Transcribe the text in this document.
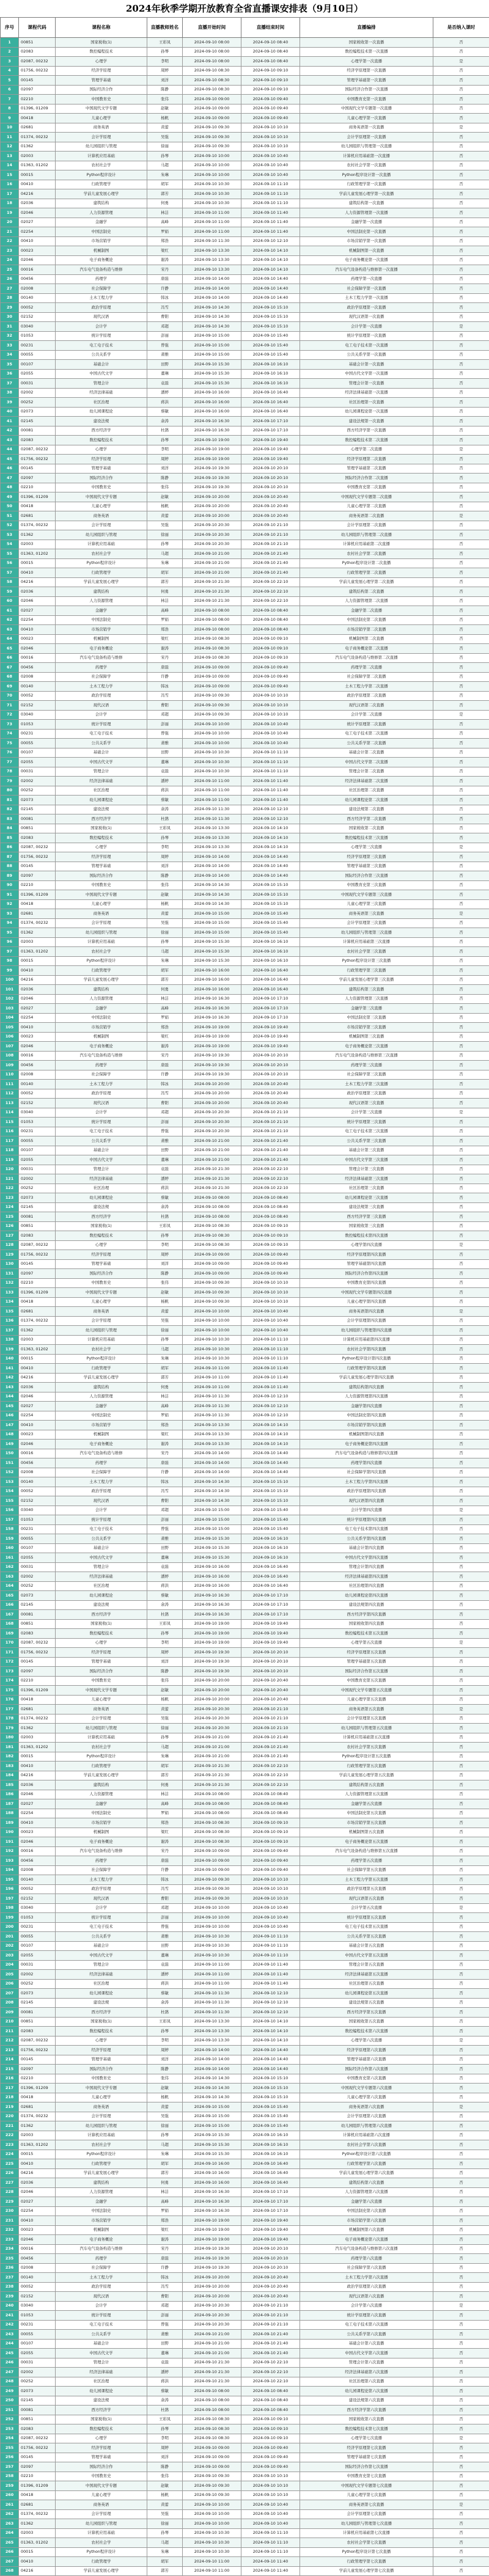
2024年秋季学期开放教育全省直播课安排表（9月10日）
序号	课程代码	课程名称	直播教师姓名	直播开始时间	直播结束时间	直播编排	是否纳入课时
1	00851	国家税收(1)	王彩凤	2024-09-10 08:00	2024-09-10 08:40	国家税收第一次直播	否
2	02083	数控编程技术	孙琴	2024-09-10 08:00	2024-09-10 08:40	数控编程技术第一次直播	否
3	02087, 00232	心理学	李明	2024-09-10 08:00	2024-09-10 08:40	心理学第一次直播	是
4	01756, 00232	经济学原理	周婷	2024-09-10 08:30	2024-09-10 09:10	经济学原理第一次直播	否
5	00145	管理学基础	刘洋	2024-09-10 08:30	2024-09-10 09:10	管理学基础第一次直播	否
6	02097	国际经济合作	陈静	2024-09-10 08:30	2024-09-10 09:10	国际经济合作第一次直播	否
7	02210	中国教育史	张伟	2024-09-10 09:00	2024-09-10 09:40	中国教育史第一次直播	否
8	01396, 01209	中国现代文学专题	赵敏	2024-09-10 09:00	2024-09-10 09:40	中国现代文学专题第一次直播	否
9	00418	儿童心理学	杨帆	2024-09-10 09:00	2024-09-10 09:40	儿童心理学第一次直播	否
10	02681	商务英语	黄蕾	2024-09-10 09:30	2024-09-10 10:10	商务英语第一次直播	是
11	01374, 00232	会计学原理	吴强	2024-09-10 09:30	2024-09-10 10:10	会计学原理第一次直播	否
12	01362	幼儿园组织与管理	徐丽	2024-09-10 09:30	2024-09-10 10:10	幼儿园组织与管理第一次直播	否
13	02003	计算机应用基础	孙琴	2024-09-10 10:00	2024-09-10 10:40	计算机应用基础第一次直播	否
14	01363, 01202	农村社会学	马超	2024-09-10 10:00	2024-09-10 10:40	农村社会学第一次直播	否
15	00015	Python程序设计	朱琳	2024-09-10 10:00	2024-09-10 10:40	Python程序设计第一次直播	否
16	00410	行政管理学	胡军	2024-09-10 10:30	2024-09-10 11:10	行政管理学第一次直播	否
17	04216	学前儿童发展心理学	郭芳	2024-09-10 10:30	2024-09-10 11:10	学前儿童发展心理学第一次直播	否
18	02036	建筑结构	何勇	2024-09-10 10:30	2024-09-10 11:10	建筑结构第一次直播	否
19	02046	人力资源管理	林洁	2024-09-10 11:00	2024-09-10 11:40	人力资源管理第一次直播	否
20	02027	金融学	高峰	2024-09-10 11:00	2024-09-10 11:40	金融学第一次直播	否
21	02254	中国法制史	罗娟	2024-09-10 11:00	2024-09-10 11:40	中国法制史第一次直播	否
22	00410	市场营销学	郑浩	2024-09-10 11:30	2024-09-10 12:10	市场营销学第一次直播	否
23	00023	机械制图	梁红	2024-09-10 13:30	2024-09-10 14:10	机械制图第一次直播	否
24	02046	电子商务概论	谢涛	2024-09-10 13:30	2024-09-10 14:10	电子商务概论第一次直播	否
25	00016	汽车电气设备构造与维修	宋丹	2024-09-10 13:30	2024-09-10 14:10	汽车电气设备构造与维修第一次直播	否
26	00456	药理学	唐磊	2024-09-10 14:00	2024-09-10 14:40	药理学第一次直播	否
27	02008	社会保障学	许静	2024-09-10 14:00	2024-09-10 14:40	社会保障学第一次直播	否
28	00140	土木工程力学	韩冰	2024-09-10 14:00	2024-09-10 14:40	土木工程力学第一次直播	否
29	00052	政治学原理	冯雪	2024-09-10 14:30	2024-09-10 15:10	政治学原理第一次直播	否
30	02152	现代汉语	曹阳	2024-09-10 14:30	2024-09-10 15:10	现代汉语第一次直播	否
31	03040	会计学	邓超	2024-09-10 14:30	2024-09-10 15:10	会计学第一次直播	是
32	01053	统计学原理	彭丽	2024-09-10 15:00	2024-09-10 15:40	统计学原理第一次直播	否
33	00231	电工电子技术	曾强	2024-09-10 15:00	2024-09-10 15:40	电工电子技术第一次直播	否
34	00055	公共关系学	萧雅	2024-09-10 15:00	2024-09-10 15:40	公共关系学第一次直播	否
35	00107	基础会计	田野	2024-09-10 15:30	2024-09-10 16:10	基础会计第一次直播	否
36	02055	中国古代文学	董琳	2024-09-10 15:30	2024-09-10 16:10	中国古代文学第一次直播	否
37	00031	管理会计	袁磊	2024-09-10 15:30	2024-09-10 16:10	管理会计第一次直播	否
38	02002	经济法律基础	潘婷	2024-09-10 16:00	2024-09-10 16:40	经济法律基础第一次直播	否
39	00252	社区治理	蒋洪	2024-09-10 16:00	2024-09-10 16:40	社区治理第一次直播	否
40	02073	幼儿园课程论	蔡敏	2024-09-10 16:00	2024-09-10 16:40	幼儿园课程论第一次直播	否
41	02145	建设法规	余涛	2024-09-10 16:30	2024-09-10 17:10	建设法规第一次直播	否
42	00081	西方经济学	杜鹃	2024-09-10 16:30	2024-09-10 17:10	西方经济学第一次直播	否
43	02083	数控编程技术	孙琴	2024-09-10 19:00	2024-09-10 19:40	数控编程技术第二次直播	否
44	02087, 00232	心理学	李明	2024-09-10 19:00	2024-09-10 19:40	心理学第二次直播	是
45	01756, 00232	经济学原理	周婷	2024-09-10 19:00	2024-09-10 19:40	经济学原理第二次直播	否
46	00145	管理学基础	刘洋	2024-09-10 19:30	2024-09-10 20:10	管理学基础第二次直播	否
47	02097	国际经济合作	陈静	2024-09-10 19:30	2024-09-10 20:10	国际经济合作第二次直播	否
48	02210	中国教育史	张伟	2024-09-10 19:30	2024-09-10 20:10	中国教育史第二次直播	否
49	01396, 01209	中国现代文学专题	赵敏	2024-09-10 20:00	2024-09-10 20:40	中国现代文学专题第二次直播	否
50	00418	儿童心理学	杨帆	2024-09-10 20:00	2024-09-10 20:40	儿童心理学第二次直播	否
51	02681	商务英语	黄蕾	2024-09-10 20:00	2024-09-10 20:40	商务英语第二次直播	是
52	01374, 00232	会计学原理	吴强	2024-09-10 20:30	2024-09-10 21:10	会计学原理第二次直播	否
53	01362	幼儿园组织与管理	徐丽	2024-09-10 20:30	2024-09-10 21:10	幼儿园组织与管理第二次直播	否
54	02003	计算机应用基础	孙琴	2024-09-10 20:30	2024-09-10 21:10	计算机应用基础第二次直播	否
55	01363, 01202	农村社会学	马超	2024-09-10 21:00	2024-09-10 21:40	农村社会学第二次直播	否
56	00015	Python程序设计	朱琳	2024-09-10 21:00	2024-09-10 21:40	Python程序设计第二次直播	否
57	00410	行政管理学	胡军	2024-09-10 21:00	2024-09-10 21:40	行政管理学第二次直播	否
58	04216	学前儿童发展心理学	郭芳	2024-09-10 21:30	2024-09-10 22:10	学前儿童发展心理学第二次直播	否
59	02036	建筑结构	何勇	2024-09-10 21:30	2024-09-10 22:10	建筑结构第二次直播	否
60	02046	人力资源管理	林洁	2024-09-10 21:30	2024-09-10 22:10	人力资源管理第二次直播	否
61	02027	金融学	高峰	2024-09-10 08:00	2024-09-10 08:40	金融学第二次直播	否
62	02254	中国法制史	罗娟	2024-09-10 08:00	2024-09-10 08:40	中国法制史第二次直播	否
63	00410	市场营销学	郑浩	2024-09-10 08:00	2024-09-10 08:40	市场营销学第二次直播	否
64	00023	机械制图	梁红	2024-09-10 08:30	2024-09-10 09:10	机械制图第二次直播	否
65	02046	电子商务概论	谢涛	2024-09-10 08:30	2024-09-10 09:10	电子商务概论第二次直播	否
66	00016	汽车电气设备构造与维修	宋丹	2024-09-10 08:30	2024-09-10 09:10	汽车电气设备构造与维修第二次直播	否
67	00456	药理学	唐磊	2024-09-10 09:00	2024-09-10 09:40	药理学第二次直播	否
68	02008	社会保障学	许静	2024-09-10 09:00	2024-09-10 09:40	社会保障学第二次直播	否
69	00140	土木工程力学	韩冰	2024-09-10 09:00	2024-09-10 09:40	土木工程力学第二次直播	否
70	00052	政治学原理	冯雪	2024-09-10 09:30	2024-09-10 10:10	政治学原理第二次直播	否
71	02152	现代汉语	曹阳	2024-09-10 09:30	2024-09-10 10:10	现代汉语第二次直播	否
72	03040	会计学	邓超	2024-09-10 09:30	2024-09-10 10:10	会计学第二次直播	是
73	01053	统计学原理	彭丽	2024-09-10 10:00	2024-09-10 10:40	统计学原理第二次直播	否
74	00231	电工电子技术	曾强	2024-09-10 10:00	2024-09-10 10:40	电工电子技术第二次直播	否
75	00055	公共关系学	萧雅	2024-09-10 10:00	2024-09-10 10:40	公共关系学第二次直播	否
76	00107	基础会计	田野	2024-09-10 10:30	2024-09-10 11:10	基础会计第二次直播	否
77	02055	中国古代文学	董琳	2024-09-10 10:30	2024-09-10 11:10	中国古代文学第二次直播	否
78	00031	管理会计	袁磊	2024-09-10 10:30	2024-09-10 11:10	管理会计第二次直播	否
79	02002	经济法律基础	潘婷	2024-09-10 11:00	2024-09-10 11:40	经济法律基础第二次直播	否
80	00252	社区治理	蒋洪	2024-09-10 11:00	2024-09-10 11:40	社区治理第二次直播	否
81	02073	幼儿园课程论	蔡敏	2024-09-10 11:00	2024-09-10 11:40	幼儿园课程论第二次直播	否
82	02145	建设法规	余涛	2024-09-10 11:30	2024-09-10 12:10	建设法规第二次直播	否
83	00081	西方经济学	杜鹃	2024-09-10 11:30	2024-09-10 12:10	西方经济学第二次直播	否
84	00851	国家税收(1)	王彩凤	2024-09-10 13:30	2024-09-10 14:10	国家税收第二次直播	否
85	02083	数控编程技术	孙琴	2024-09-10 13:30	2024-09-10 14:10	数控编程技术第三次直播	否
86	02087, 00232	心理学	李明	2024-09-10 13:30	2024-09-10 14:10	心理学第三次直播	是
87	01756, 00232	经济学原理	周婷	2024-09-10 14:00	2024-09-10 14:40	经济学原理第三次直播	否
88	00145	管理学基础	刘洋	2024-09-10 14:00	2024-09-10 14:40	管理学基础第三次直播	否
89	02097	国际经济合作	陈静	2024-09-10 14:00	2024-09-10 14:40	国际经济合作第三次直播	否
90	02210	中国教育史	张伟	2024-09-10 14:30	2024-09-10 15:10	中国教育史第三次直播	否
91	01396, 01209	中国现代文学专题	赵敏	2024-09-10 14:30	2024-09-10 15:10	中国现代文学专题第三次直播	否
92	00418	儿童心理学	杨帆	2024-09-10 14:30	2024-09-10 15:10	儿童心理学第三次直播	否
93	02681	商务英语	黄蕾	2024-09-10 15:00	2024-09-10 15:40	商务英语第三次直播	是
94	01374, 00232	会计学原理	吴强	2024-09-10 15:00	2024-09-10 15:40	会计学原理第三次直播	否
95	01362	幼儿园组织与管理	徐丽	2024-09-10 15:00	2024-09-10 15:40	幼儿园组织与管理第三次直播	否
96	02003	计算机应用基础	孙琴	2024-09-10 15:30	2024-09-10 16:10	计算机应用基础第三次直播	否
97	01363, 01202	农村社会学	马超	2024-09-10 15:30	2024-09-10 16:10	农村社会学第三次直播	否
98	00015	Python程序设计	朱琳	2024-09-10 15:30	2024-09-10 16:10	Python程序设计第三次直播	否
99	00410	行政管理学	胡军	2024-09-10 16:00	2024-09-10 16:40	行政管理学第三次直播	否
100	04216	学前儿童发展心理学	郭芳	2024-09-10 16:00	2024-09-10 16:40	学前儿童发展心理学第三次直播	否
101	02036	建筑结构	何勇	2024-09-10 16:00	2024-09-10 16:40	建筑结构第三次直播	否
102	02046	人力资源管理	林洁	2024-09-10 16:30	2024-09-10 17:10	人力资源管理第三次直播	否
103	02027	金融学	高峰	2024-09-10 16:30	2024-09-10 17:10	金融学第三次直播	否
104	02254	中国法制史	罗娟	2024-09-10 16:30	2024-09-10 17:10	中国法制史第三次直播	否
105	00410	市场营销学	郑浩	2024-09-10 19:00	2024-09-10 19:40	市场营销学第三次直播	否
106	00023	机械制图	梁红	2024-09-10 19:00	2024-09-10 19:40	机械制图第三次直播	否
107	02046	电子商务概论	谢涛	2024-09-10 19:00	2024-09-10 19:40	电子商务概论第三次直播	否
108	00016	汽车电气设备构造与维修	宋丹	2024-09-10 19:30	2024-09-10 20:10	汽车电气设备构造与维修第三次直播	否
109	00456	药理学	唐磊	2024-09-10 19:30	2024-09-10 20:10	药理学第三次直播	否
110	02008	社会保障学	许静	2024-09-10 19:30	2024-09-10 20:10	社会保障学第三次直播	否
111	00140	土木工程力学	韩冰	2024-09-10 20:00	2024-09-10 20:40	土木工程力学第三次直播	否
112	00052	政治学原理	冯雪	2024-09-10 20:00	2024-09-10 20:40	政治学原理第三次直播	否
113	02152	现代汉语	曹阳	2024-09-10 20:00	2024-09-10 20:40	现代汉语第三次直播	否
114	03040	会计学	邓超	2024-09-10 20:30	2024-09-10 21:10	会计学第三次直播	是
115	01053	统计学原理	彭丽	2024-09-10 20:30	2024-09-10 21:10	统计学原理第三次直播	否
116	00231	电工电子技术	曾强	2024-09-10 20:30	2024-09-10 21:10	电工电子技术第三次直播	否
117	00055	公共关系学	萧雅	2024-09-10 21:00	2024-09-10 21:40	公共关系学第三次直播	否
118	00107	基础会计	田野	2024-09-10 21:00	2024-09-10 21:40	基础会计第三次直播	否
119	02055	中国古代文学	董琳	2024-09-10 21:00	2024-09-10 21:40	中国古代文学第三次直播	否
120	00031	管理会计	袁磊	2024-09-10 21:30	2024-09-10 22:10	管理会计第三次直播	否
121	02002	经济法律基础	潘婷	2024-09-10 21:30	2024-09-10 22:10	经济法律基础第三次直播	否
122	00252	社区治理	蒋洪	2024-09-10 21:30	2024-09-10 22:10	社区治理第三次直播	否
123	02073	幼儿园课程论	蔡敏	2024-09-10 08:00	2024-09-10 08:40	幼儿园课程论第三次直播	否
124	02145	建设法规	余涛	2024-09-10 08:00	2024-09-10 08:40	建设法规第三次直播	否
125	00081	西方经济学	杜鹃	2024-09-10 08:00	2024-09-10 08:40	西方经济学第三次直播	否
126	00851	国家税收(1)	王彩凤	2024-09-10 08:30	2024-09-10 09:10	国家税收第三次直播	否
127	02083	数控编程技术	孙琴	2024-09-10 08:30	2024-09-10 09:10	数控编程技术第四次直播	否
128	02087, 00232	心理学	李明	2024-09-10 08:30	2024-09-10 09:10	心理学第四次直播	是
129	01756, 00232	经济学原理	周婷	2024-09-10 09:00	2024-09-10 09:40	经济学原理第四次直播	否
130	00145	管理学基础	刘洋	2024-09-10 09:00	2024-09-10 09:40	管理学基础第四次直播	否
131	02097	国际经济合作	陈静	2024-09-10 09:00	2024-09-10 09:40	国际经济合作第四次直播	否
132	02210	中国教育史	张伟	2024-09-10 09:30	2024-09-10 10:10	中国教育史第四次直播	否
133	01396, 01209	中国现代文学专题	赵敏	2024-09-10 09:30	2024-09-10 10:10	中国现代文学专题第四次直播	否
134	00418	儿童心理学	杨帆	2024-09-10 09:30	2024-09-10 10:10	儿童心理学第四次直播	否
135	02681	商务英语	黄蕾	2024-09-10 10:00	2024-09-10 10:40	商务英语第四次直播	是
136	01374, 00232	会计学原理	吴强	2024-09-10 10:00	2024-09-10 10:40	会计学原理第四次直播	否
137	01362	幼儿园组织与管理	徐丽	2024-09-10 10:00	2024-09-10 10:40	幼儿园组织与管理第四次直播	否
138	02003	计算机应用基础	孙琴	2024-09-10 10:30	2024-09-10 11:10	计算机应用基础第四次直播	否
139	01363, 01202	农村社会学	马超	2024-09-10 10:30	2024-09-10 11:10	农村社会学第四次直播	否
140	00015	Python程序设计	朱琳	2024-09-10 10:30	2024-09-10 11:10	Python程序设计第四次直播	否
141	00410	行政管理学	胡军	2024-09-10 11:00	2024-09-10 11:40	行政管理学第四次直播	否
142	04216	学前儿童发展心理学	郭芳	2024-09-10 11:00	2024-09-10 11:40	学前儿童发展心理学第四次直播	否
143	02036	建筑结构	何勇	2024-09-10 11:00	2024-09-10 11:40	建筑结构第四次直播	否
144	02046	人力资源管理	林洁	2024-09-10 11:30	2024-09-10 12:10	人力资源管理第四次直播	否
145	02027	金融学	高峰	2024-09-10 11:30	2024-09-10 12:10	金融学第四次直播	否
146	02254	中国法制史	罗娟	2024-09-10 11:30	2024-09-10 12:10	中国法制史第四次直播	否
147	00410	市场营销学	郑浩	2024-09-10 13:30	2024-09-10 14:10	市场营销学第四次直播	否
148	00023	机械制图	梁红	2024-09-10 13:30	2024-09-10 14:10	机械制图第四次直播	否
149	02046	电子商务概论	谢涛	2024-09-10 13:30	2024-09-10 14:10	电子商务概论第四次直播	否
150	00016	汽车电气设备构造与维修	宋丹	2024-09-10 14:00	2024-09-10 14:40	汽车电气设备构造与维修第四次直播	否
151	00456	药理学	唐磊	2024-09-10 14:00	2024-09-10 14:40	药理学第四次直播	否
152	02008	社会保障学	许静	2024-09-10 14:00	2024-09-10 14:40	社会保障学第四次直播	否
153	00140	土木工程力学	韩冰	2024-09-10 14:30	2024-09-10 15:10	土木工程力学第四次直播	否
154	00052	政治学原理	冯雪	2024-09-10 14:30	2024-09-10 15:10	政治学原理第四次直播	否
155	02152	现代汉语	曹阳	2024-09-10 14:30	2024-09-10 15:10	现代汉语第四次直播	否
156	03040	会计学	邓超	2024-09-10 15:00	2024-09-10 15:40	会计学第四次直播	是
157	01053	统计学原理	彭丽	2024-09-10 15:00	2024-09-10 15:40	统计学原理第四次直播	否
158	00231	电工电子技术	曾强	2024-09-10 15:00	2024-09-10 15:40	电工电子技术第四次直播	否
159	00055	公共关系学	萧雅	2024-09-10 15:30	2024-09-10 16:10	公共关系学第四次直播	否
160	00107	基础会计	田野	2024-09-10 15:30	2024-09-10 16:10	基础会计第四次直播	否
161	02055	中国古代文学	董琳	2024-09-10 15:30	2024-09-10 16:10	中国古代文学第四次直播	否
162	00031	管理会计	袁磊	2024-09-10 16:00	2024-09-10 16:40	管理会计第四次直播	否
163	02002	经济法律基础	潘婷	2024-09-10 16:00	2024-09-10 16:40	经济法律基础第四次直播	否
164	00252	社区治理	蒋洪	2024-09-10 16:00	2024-09-10 16:40	社区治理第四次直播	否
165	02073	幼儿园课程论	蔡敏	2024-09-10 16:30	2024-09-10 17:10	幼儿园课程论第四次直播	否
166	02145	建设法规	余涛	2024-09-10 16:30	2024-09-10 17:10	建设法规第四次直播	否
167	00081	西方经济学	杜鹃	2024-09-10 16:30	2024-09-10 17:10	西方经济学第四次直播	否
168	00851	国家税收(1)	王彩凤	2024-09-10 19:00	2024-09-10 19:40	国家税收第四次直播	否
169	02083	数控编程技术	孙琴	2024-09-10 19:00	2024-09-10 19:40	数控编程技术第五次直播	否
170	02087, 00232	心理学	李明	2024-09-10 19:00	2024-09-10 19:40	心理学第五次直播	是
171	01756, 00232	经济学原理	周婷	2024-09-10 19:30	2024-09-10 20:10	经济学原理第五次直播	否
172	00145	管理学基础	刘洋	2024-09-10 19:30	2024-09-10 20:10	管理学基础第五次直播	否
173	02097	国际经济合作	陈静	2024-09-10 19:30	2024-09-10 20:10	国际经济合作第五次直播	否
174	02210	中国教育史	张伟	2024-09-10 20:00	2024-09-10 20:40	中国教育史第五次直播	否
175	01396, 01209	中国现代文学专题	赵敏	2024-09-10 20:00	2024-09-10 20:40	中国现代文学专题第五次直播	否
176	00418	儿童心理学	杨帆	2024-09-10 20:00	2024-09-10 20:40	儿童心理学第五次直播	否
177	02681	商务英语	黄蕾	2024-09-10 20:30	2024-09-10 21:10	商务英语第五次直播	是
178	01374, 00232	会计学原理	吴强	2024-09-10 20:30	2024-09-10 21:10	会计学原理第五次直播	否
179	01362	幼儿园组织与管理	徐丽	2024-09-10 20:30	2024-09-10 21:10	幼儿园组织与管理第五次直播	否
180	02003	计算机应用基础	孙琴	2024-09-10 21:00	2024-09-10 21:40	计算机应用基础第五次直播	否
181	01363, 01202	农村社会学	马超	2024-09-10 21:00	2024-09-10 21:40	农村社会学第五次直播	否
182	00015	Python程序设计	朱琳	2024-09-10 21:00	2024-09-10 21:40	Python程序设计第五次直播	否
183	00410	行政管理学	胡军	2024-09-10 21:30	2024-09-10 22:10	行政管理学第五次直播	否
184	04216	学前儿童发展心理学	郭芳	2024-09-10 21:30	2024-09-10 22:10	学前儿童发展心理学第五次直播	否
185	02036	建筑结构	何勇	2024-09-10 21:30	2024-09-10 22:10	建筑结构第五次直播	否
186	02046	人力资源管理	林洁	2024-09-10 08:00	2024-09-10 08:40	人力资源管理第五次直播	否
187	02027	金融学	高峰	2024-09-10 08:00	2024-09-10 08:40	金融学第五次直播	否
188	02254	中国法制史	罗娟	2024-09-10 08:00	2024-09-10 08:40	中国法制史第五次直播	否
189	00410	市场营销学	郑浩	2024-09-10 08:30	2024-09-10 09:10	市场营销学第五次直播	否
190	00023	机械制图	梁红	2024-09-10 08:30	2024-09-10 09:10	机械制图第五次直播	否
191	02046	电子商务概论	谢涛	2024-09-10 08:30	2024-09-10 09:10	电子商务概论第五次直播	否
192	00016	汽车电气设备构造与维修	宋丹	2024-09-10 09:00	2024-09-10 09:40	汽车电气设备构造与维修第五次直播	否
193	00456	药理学	唐磊	2024-09-10 09:00	2024-09-10 09:40	药理学第五次直播	否
194	02008	社会保障学	许静	2024-09-10 09:00	2024-09-10 09:40	社会保障学第五次直播	否
195	00140	土木工程力学	韩冰	2024-09-10 09:30	2024-09-10 10:10	土木工程力学第五次直播	否
196	00052	政治学原理	冯雪	2024-09-10 09:30	2024-09-10 10:10	政治学原理第五次直播	否
197	02152	现代汉语	曹阳	2024-09-10 09:30	2024-09-10 10:10	现代汉语第五次直播	否
198	03040	会计学	邓超	2024-09-10 10:00	2024-09-10 10:40	会计学第五次直播	是
199	01053	统计学原理	彭丽	2024-09-10 10:00	2024-09-10 10:40	统计学原理第五次直播	否
200	00231	电工电子技术	曾强	2024-09-10 10:00	2024-09-10 10:40	电工电子技术第五次直播	否
201	00055	公共关系学	萧雅	2024-09-10 10:30	2024-09-10 11:10	公共关系学第五次直播	否
202	00107	基础会计	田野	2024-09-10 10:30	2024-09-10 11:10	基础会计第五次直播	否
203	02055	中国古代文学	董琳	2024-09-10 10:30	2024-09-10 11:10	中国古代文学第五次直播	否
204	00031	管理会计	袁磊	2024-09-10 11:00	2024-09-10 11:40	管理会计第五次直播	否
205	02002	经济法律基础	潘婷	2024-09-10 11:00	2024-09-10 11:40	经济法律基础第五次直播	否
206	00252	社区治理	蒋洪	2024-09-10 11:00	2024-09-10 11:40	社区治理第五次直播	否
207	02073	幼儿园课程论	蔡敏	2024-09-10 11:30	2024-09-10 12:10	幼儿园课程论第五次直播	否
208	02145	建设法规	余涛	2024-09-10 11:30	2024-09-10 12:10	建设法规第五次直播	否
209	00081	西方经济学	杜鹃	2024-09-10 11:30	2024-09-10 12:10	西方经济学第五次直播	否
210	00851	国家税收(1)	王彩凤	2024-09-10 13:30	2024-09-10 14:10	国家税收第五次直播	否
211	02083	数控编程技术	孙琴	2024-09-10 13:30	2024-09-10 14:10	数控编程技术第六次直播	否
212	02087, 00232	心理学	李明	2024-09-10 13:30	2024-09-10 14:10	心理学第六次直播	是
213	01756, 00232	经济学原理	周婷	2024-09-10 14:00	2024-09-10 14:40	经济学原理第六次直播	否
214	00145	管理学基础	刘洋	2024-09-10 14:00	2024-09-10 14:40	管理学基础第六次直播	否
215	02097	国际经济合作	陈静	2024-09-10 14:00	2024-09-10 14:40	国际经济合作第六次直播	否
216	02210	中国教育史	张伟	2024-09-10 14:30	2024-09-10 15:10	中国教育史第六次直播	否
217	01396, 01209	中国现代文学专题	赵敏	2024-09-10 14:30	2024-09-10 15:10	中国现代文学专题第六次直播	否
218	00418	儿童心理学	杨帆	2024-09-10 14:30	2024-09-10 15:10	儿童心理学第六次直播	否
219	02681	商务英语	黄蕾	2024-09-10 15:00	2024-09-10 15:40	商务英语第六次直播	是
220	01374, 00232	会计学原理	吴强	2024-09-10 15:00	2024-09-10 15:40	会计学原理第六次直播	否
221	01362	幼儿园组织与管理	徐丽	2024-09-10 15:00	2024-09-10 15:40	幼儿园组织与管理第六次直播	否
222	02003	计算机应用基础	孙琴	2024-09-10 15:30	2024-09-10 16:10	计算机应用基础第六次直播	否
223	01363, 01202	农村社会学	马超	2024-09-10 15:30	2024-09-10 16:10	农村社会学第六次直播	否
224	00015	Python程序设计	朱琳	2024-09-10 15:30	2024-09-10 16:10	Python程序设计第六次直播	否
225	00410	行政管理学	胡军	2024-09-10 16:00	2024-09-10 16:40	行政管理学第六次直播	否
226	04216	学前儿童发展心理学	郭芳	2024-09-10 16:00	2024-09-10 16:40	学前儿童发展心理学第六次直播	否
227	02036	建筑结构	何勇	2024-09-10 16:00	2024-09-10 16:40	建筑结构第六次直播	否
228	02046	人力资源管理	林洁	2024-09-10 16:30	2024-09-10 17:10	人力资源管理第六次直播	否
229	02027	金融学	高峰	2024-09-10 16:30	2024-09-10 17:10	金融学第六次直播	否
230	02254	中国法制史	罗娟	2024-09-10 16:30	2024-09-10 17:10	中国法制史第六次直播	否
231	00410	市场营销学	郑浩	2024-09-10 19:00	2024-09-10 19:40	市场营销学第六次直播	否
232	00023	机械制图	梁红	2024-09-10 19:00	2024-09-10 19:40	机械制图第六次直播	否
233	02046	电子商务概论	谢涛	2024-09-10 19:00	2024-09-10 19:40	电子商务概论第六次直播	否
234	00016	汽车电气设备构造与维修	宋丹	2024-09-10 19:30	2024-09-10 20:10	汽车电气设备构造与维修第六次直播	否
235	00456	药理学	唐磊	2024-09-10 19:30	2024-09-10 20:10	药理学第六次直播	否
236	02008	社会保障学	许静	2024-09-10 19:30	2024-09-10 20:10	社会保障学第六次直播	否
237	00140	土木工程力学	韩冰	2024-09-10 20:00	2024-09-10 20:40	土木工程力学第六次直播	否
238	00052	政治学原理	冯雪	2024-09-10 20:00	2024-09-10 20:40	政治学原理第六次直播	否
239	02152	现代汉语	曹阳	2024-09-10 20:00	2024-09-10 20:40	现代汉语第六次直播	否
240	03040	会计学	邓超	2024-09-10 20:30	2024-09-10 21:10	会计学第六次直播	是
241	01053	统计学原理	彭丽	2024-09-10 20:30	2024-09-10 21:10	统计学原理第六次直播	否
242	00231	电工电子技术	曾强	2024-09-10 20:30	2024-09-10 21:10	电工电子技术第六次直播	否
243	00055	公共关系学	萧雅	2024-09-10 21:00	2024-09-10 21:40	公共关系学第六次直播	否
244	00107	基础会计	田野	2024-09-10 21:00	2024-09-10 21:40	基础会计第六次直播	否
245	02055	中国古代文学	董琳	2024-09-10 21:00	2024-09-10 21:40	中国古代文学第六次直播	否
246	00031	管理会计	袁磊	2024-09-10 21:30	2024-09-10 22:10	管理会计第六次直播	否
247	02002	经济法律基础	潘婷	2024-09-10 21:30	2024-09-10 22:10	经济法律基础第六次直播	否
248	00252	社区治理	蒋洪	2024-09-10 21:30	2024-09-10 22:10	社区治理第六次直播	否
249	02073	幼儿园课程论	蔡敏	2024-09-10 08:00	2024-09-10 08:40	幼儿园课程论第六次直播	否
250	02145	建设法规	余涛	2024-09-10 08:00	2024-09-10 08:40	建设法规第六次直播	否
251	00081	西方经济学	杜鹃	2024-09-10 08:00	2024-09-10 08:40	西方经济学第六次直播	否
252	00851	国家税收(1)	王彩凤	2024-09-10 08:30	2024-09-10 09:10	国家税收第六次直播	否
253	02083	数控编程技术	孙琴	2024-09-10 08:30	2024-09-10 09:10	数控编程技术第七次直播	否
254	02087, 00232	心理学	李明	2024-09-10 08:30	2024-09-10 09:10	心理学第七次直播	是
255	01756, 00232	经济学原理	周婷	2024-09-10 09:00	2024-09-10 09:40	经济学原理第七次直播	否
256	00145	管理学基础	刘洋	2024-09-10 09:00	2024-09-10 09:40	管理学基础第七次直播	否
257	02097	国际经济合作	陈静	2024-09-10 09:00	2024-09-10 09:40	国际经济合作第七次直播	否
258	02210	中国教育史	张伟	2024-09-10 09:30	2024-09-10 10:10	中国教育史第七次直播	否
259	01396, 01209	中国现代文学专题	赵敏	2024-09-10 09:30	2024-09-10 10:10	中国现代文学专题第七次直播	否
260	00418	儿童心理学	杨帆	2024-09-10 09:30	2024-09-10 10:10	儿童心理学第七次直播	否
261	02681	商务英语	黄蕾	2024-09-10 10:00	2024-09-10 10:40	商务英语第七次直播	是
262	01374, 00232	会计学原理	吴强	2024-09-10 10:00	2024-09-10 10:40	会计学原理第七次直播	否
263	01362	幼儿园组织与管理	徐丽	2024-09-10 10:00	2024-09-10 10:40	幼儿园组织与管理第七次直播	否
264	02003	计算机应用基础	孙琴	2024-09-10 10:30	2024-09-10 11:10	计算机应用基础第七次直播	否
265	01363, 01202	农村社会学	马超	2024-09-10 10:30	2024-09-10 11:10	农村社会学第七次直播	否
266	00015	Python程序设计	朱琳	2024-09-10 10:30	2024-09-10 11:10	Python程序设计第七次直播	否
267	00410	行政管理学	胡军	2024-09-10 11:00	2024-09-10 11:40	行政管理学第七次直播	否
268	04216	学前儿童发展心理学	郭芳	2024-09-10 11:00	2024-09-10 11:40	学前儿童发展心理学第七次直播	否
